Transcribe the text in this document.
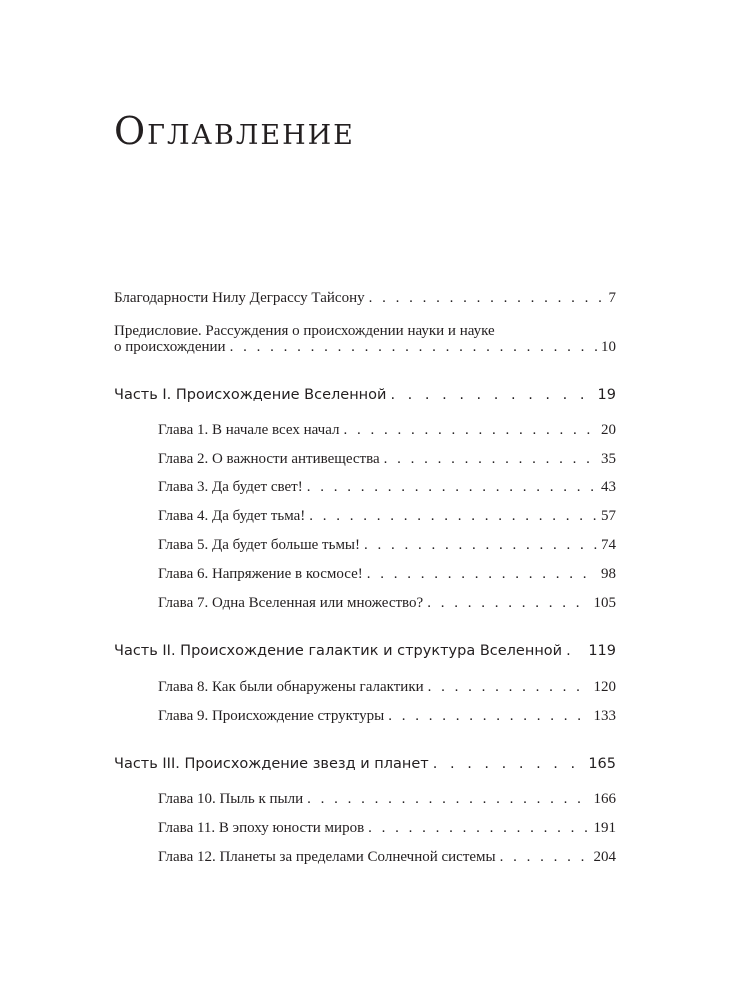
Оглавление
Благодарности Нилу Деграссу Тайсону . . .	7
Предисловие. Рассуждения о происхождении науки и науке
о происхождении . . .	10
Часть I. Происхождение Вселенной . . .	19
Глава 1. В начале всех начал . . .	20
Глава 2. О важности антивещества . . .	35
Глава 3. Да будет свет! . . .	43
Глава 4. Да будет тьма! . . .	57
Глава 5. Да будет больше тьмы! . . .	74
Глава 6. Напряжение в космосе! . . .	98
Глава 7. Одна Вселенная или множество? . . .	105
Часть II. Происхождение галактик и структура Вселенной . . . 119
Глава 8. Как были обнаружены галактики . . .	120
Глава 9. Происхождение структуры . . .	133
Часть III. Происхождение звезд и планет . . .	165
Глава 10. Пыль к пыли . . .	166
Глава 11. В эпоху юности миров . . .	191
Глава 12. Планеты за пределами Солнечной системы . . .	204
